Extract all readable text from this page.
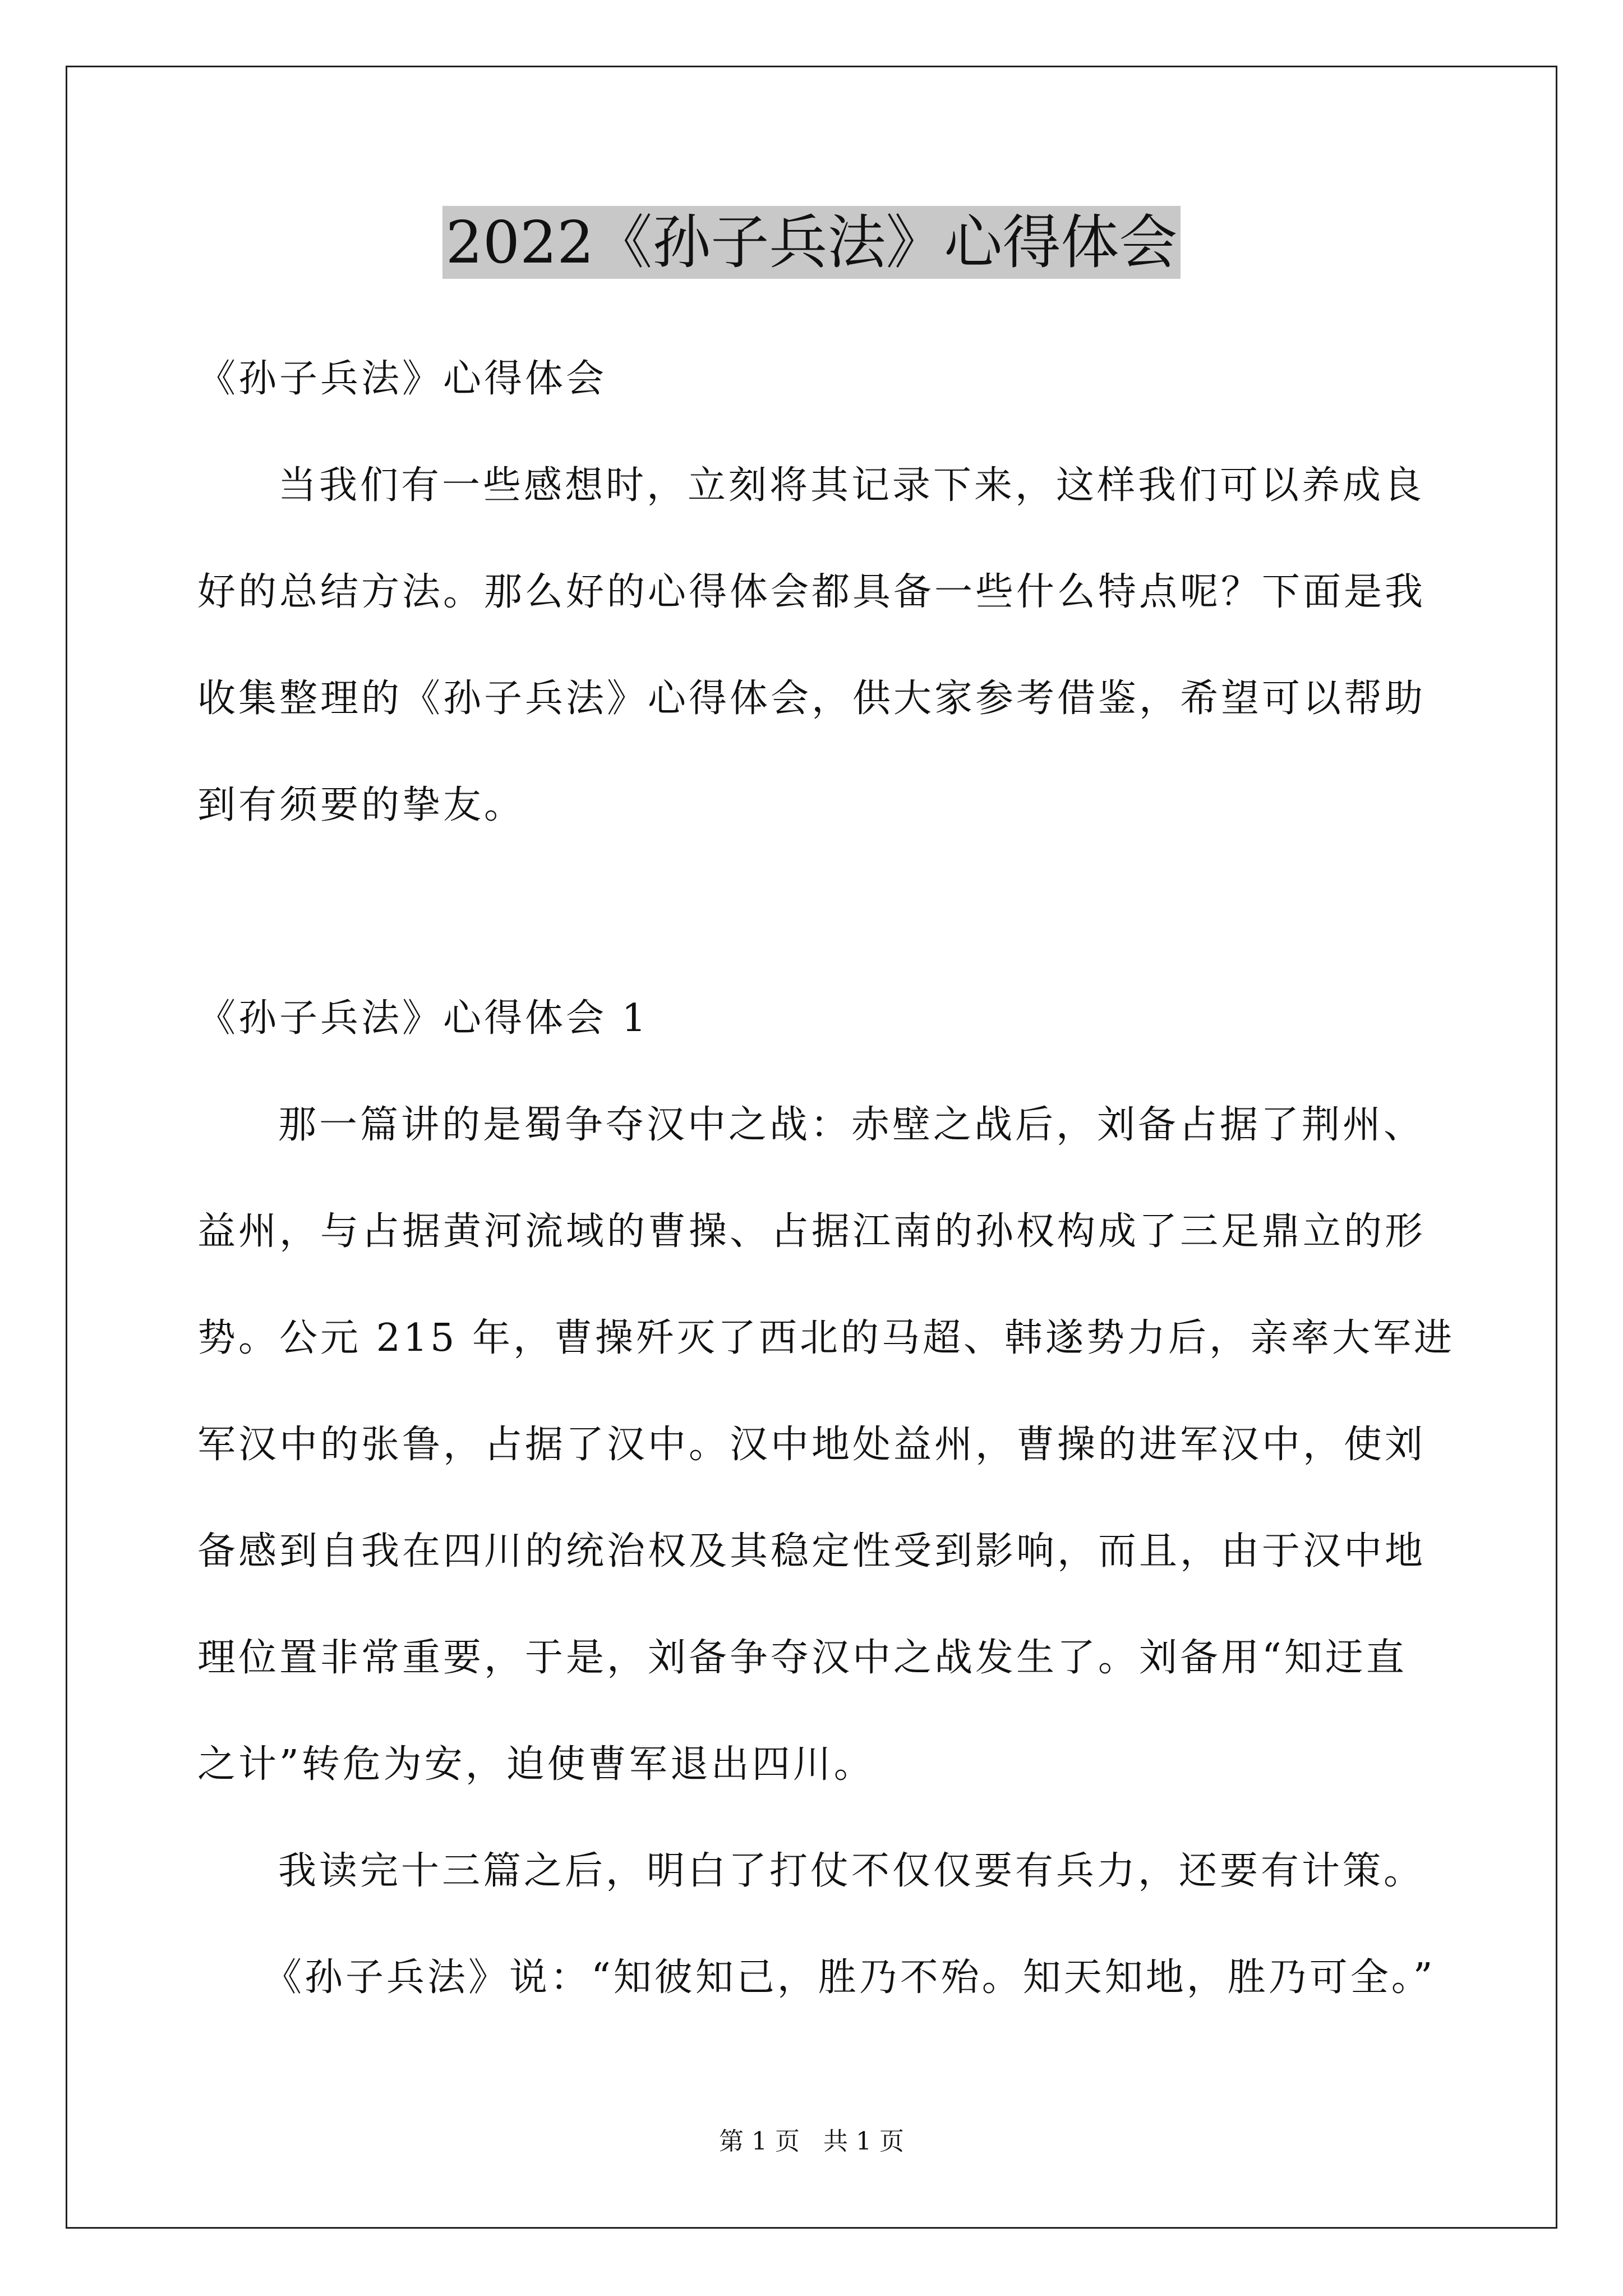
2022《孙子兵法》心得体会
《孙子兵法》心得体会
当我们有一些感想时，立刻将其记录下来，这样我们可以养成良
好的总结方法。那么好的心得体会都具备一些什么特点呢？下面是我
收集整理的《孙子兵法》心得体会，供大家参考借鉴，希望可以帮助
到有须要的挚友。
《孙子兵法》心得体会 1
那一篇讲的是蜀争夺汉中之战：赤壁之战后，刘备占据了荆州、
益州，与占据黄河流域的曹操、占据江南的孙权构成了三足鼎立的形
势。公元 215 年，曹操歼灭了西北的马超、韩遂势力后，亲率大军进
军汉中的张鲁，占据了汉中。汉中地处益州，曹操的进军汉中，使刘
备感到自我在四川的统治权及其稳定性受到影响，而且，由于汉中地
理位置非常重要，于是，刘备争夺汉中之战发生了。刘备用“知迂直
之计”转危为安，迫使曹军退出四川。
我读完十三篇之后，明白了打仗不仅仅要有兵力，还要有计策。
《孙子兵法》说：“知彼知己，胜乃不殆。知天知地，胜乃可全。”
第 1 页   共 1 页
